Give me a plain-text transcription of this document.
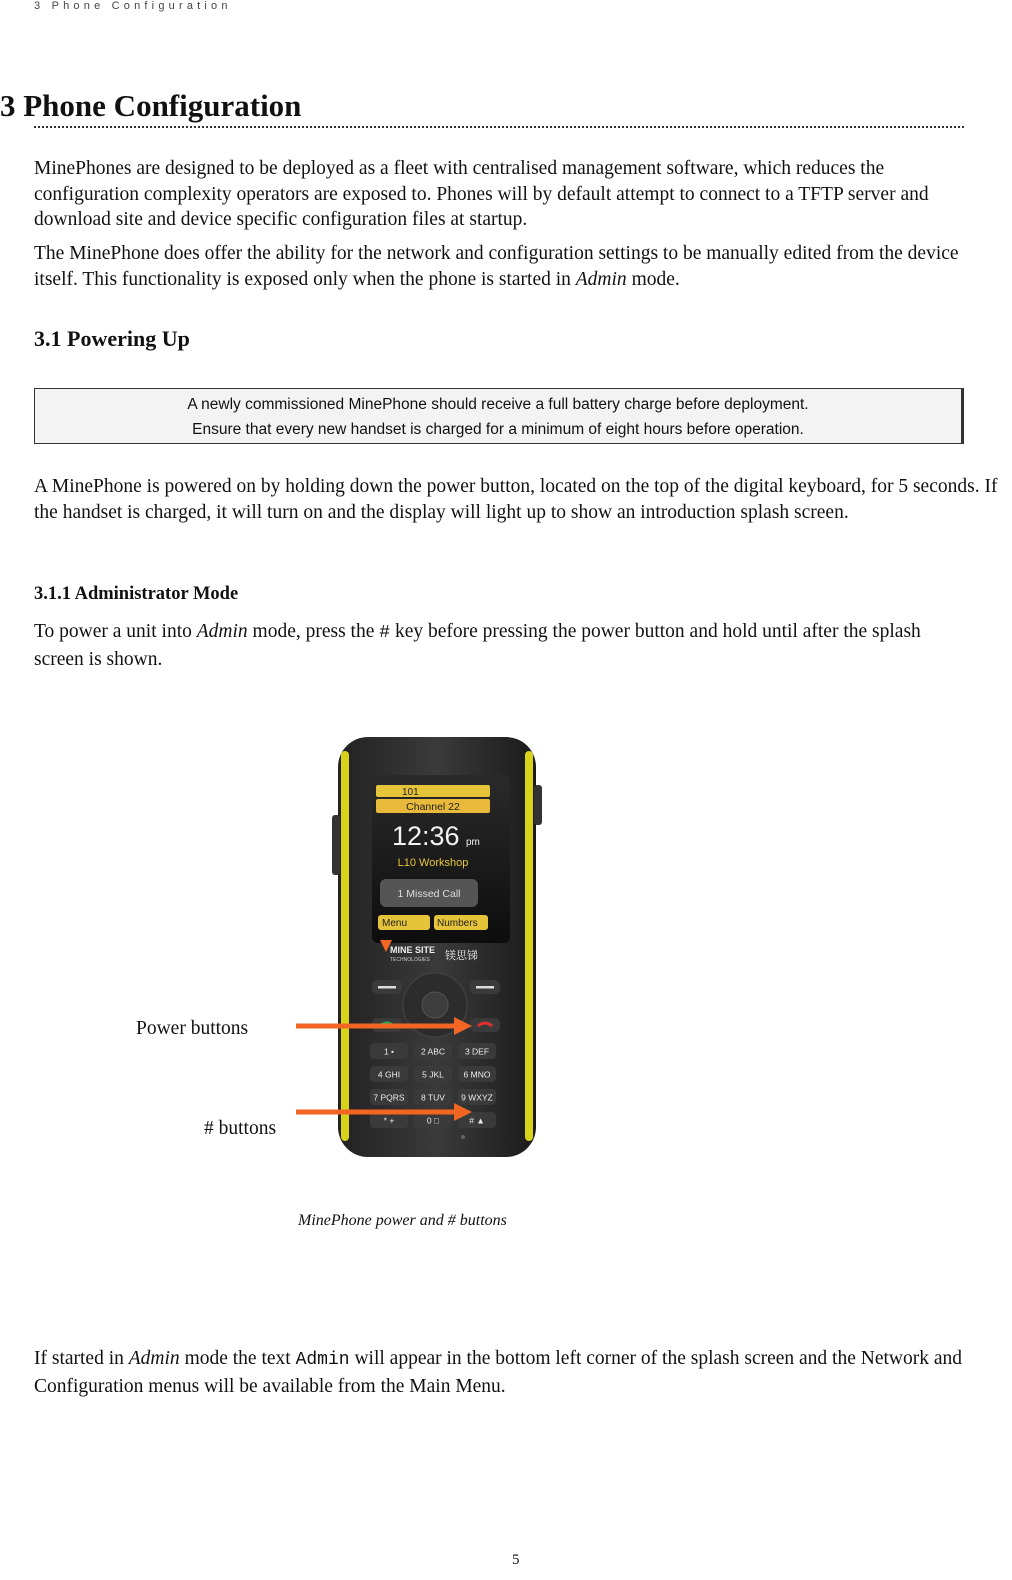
3 Phone Configuration
3 Phone Configuration

MinePhones are designed to be deployed as a fleet with centralised management software, which reduces the configuration complexity operators are exposed to. Phones will by default attempt to connect to a TFTP server and download site and device specific configuration files at startup.

The MinePhone does offer the ability for the network and configuration settings to be manually edited from the device itself. This functionality is exposed only when the phone is started in Admin mode.

3.1 Powering Up
A newly commissioned MinePhone should receive a full battery charge before deployment.
Ensure that every new handset is charged for a minimum of eight hours before operation.

A MinePhone is powered on by holding down the power button, located on the top of the digital keyboard, for 5 seconds. If the handset is charged, it will turn on and the display will light up to show an introduction splash screen.

3.1.1 Administrator Mode

To power a unit into Admin mode, press the # key before pressing the power button and hold until after the splash screen is shown.

101
Channel 22
12:36 pm
L10 Workshop
1 Missed Call
Menu	Numbers
MINE SITE
TECHNOLOGIES 镁思锑
1 •	2 ABC 3 DEF
4 GHI	5 JKL 6 MNO
7 PQRS 8 TUV 9 WXYZ
* +	0 □	# ▲
Power buttons
# buttons
MinePhone power and # buttons

If started in Admin mode the text Admin will appear in the bottom left corner of the splash screen and the Network and Configuration menus will be available from the Main Menu.

5
